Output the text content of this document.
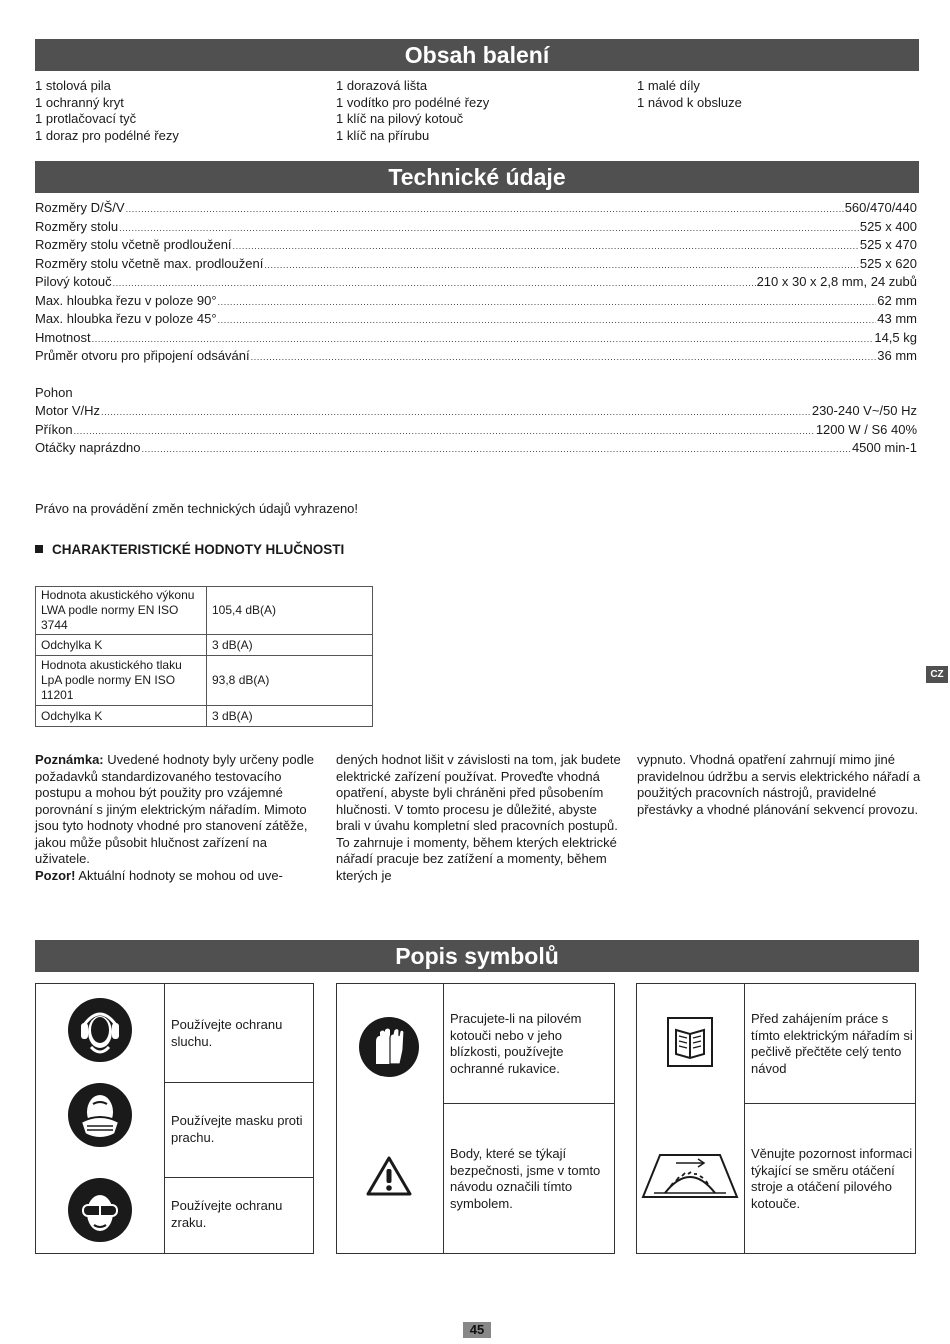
Obsah balení
1 stolová pila
1 ochranný kryt
1 protlačovací tyč
1 doraz pro podélné řezy
1 dorazová lišta
1 vodítko pro podélné řezy
1 klíč na pilový kotouč
1 klíč na přírubu
1 malé díly
1 návod k obsluze
Technické údaje
Rozměry D/Š/V .....	560/470/440
Rozměry stolu .....	525 x 400
Rozměry stolu včetně prodloužení .....	525 x 470
Rozměry stolu včetně max. prodloužení .....	525 x 620
Pilový kotouč .....	210 x 30 x 2,8 mm, 24 zubů
Max. hloubka řezu v poloze 90° .....	62 mm
Max. hloubka řezu v poloze 45° .....	43 mm
Hmotnost .....	14,5 kg
Průměr otvoru pro připojení odsávání .....	36 mm
Pohon
Motor V/Hz .....	230-240 V~/50 Hz
Příkon .....	1200 W / S6 40%
Otáčky naprázdno .....	4500 min-1
Právo na provádění změn technických údajů vyhrazeno!
CHARAKTERISTICKÉ HODNOTY HLUČNOSTI
Hodnota akustického výkonu LWA podle normy EN ISO 3744	105,4 dB(A)
Odchylka K	3 dB(A)
Hodnota akustického tlaku LpA podle normy EN ISO 11201	93,8 dB(A)
Odchylka K	3 dB(A)
Poznámka: Uvedené hodnoty byly určeny podle požadavků standardizovaného testovacího postupu a mohou být použity pro vzájemné porovnání s jiným elektrickým nářadím. Mimoto jsou tyto hodnoty vhodné pro stanovení zátěže, jakou může působit hlučnost zařízení na uživatele.
Pozor! Aktuální hodnoty se mohou od uve-
dených hodnot lišit v závislosti na tom, jak budete elektrické zařízení používat. Proveďte vhodná opatření, abyste byli chráněni před působením hlučnosti. V tomto procesu je důležité, abyste brali v úvahu kompletní sled pracovních postupů. To zahrnuje i momenty, během kterých elektrické nářadí pracuje bez zatížení a momenty, během kterých je
vypnuto. Vhodná opatření zahrnují mimo jiné pravidelnou údržbu a servis elektrického nářadí a použitých pracovních nástrojů, pravidelné přestávky a vhodné plánování sekvencí provozu.
CZ
Popis symbolů
Používejte ochranu sluchu.
Používejte masku proti prachu.
Používejte ochranu zraku.
Pracujete-li na pilovém kotouči nebo v jeho blízkosti, používejte ochranné rukavice.
Body, které se týkají bezpečnosti, jsme v tomto návodu označili tímto symbolem.
Před zahájením práce s tímto elektrickým nářadím si pečlivě přečtěte celý tento návod
Věnujte pozornost informaci týkající se směru otáčení stroje a otáčení pilového kotouče.
45
